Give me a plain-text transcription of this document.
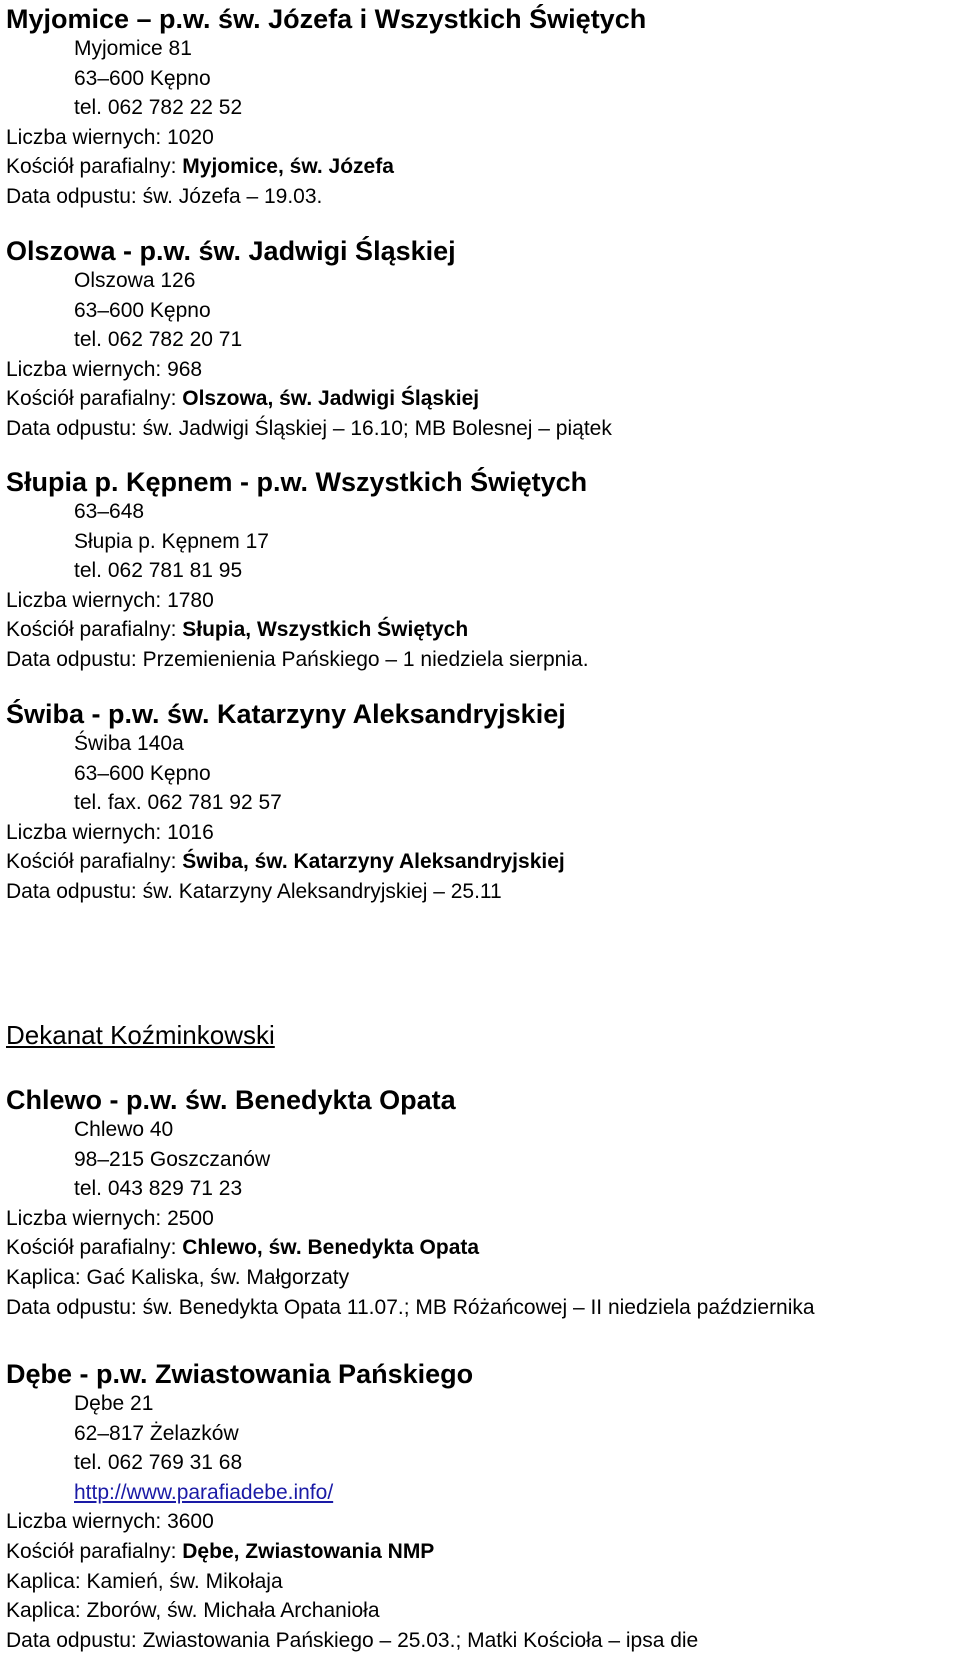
Myjomice – p.w. św. Józefa i Wszystkich Świętych
Myjomice 81
63–600 Kępno
tel. 062 782 22 52
Liczba wiernych: 1020
Kościół parafialny: Myjomice, św. Józefa
Data odpustu: św. Józefa – 19.03.
Olszowa - p.w. św. Jadwigi Śląskiej
Olszowa 126
63–600 Kępno
tel. 062 782 20 71
Liczba wiernych: 968
Kościół parafialny: Olszowa, św. Jadwigi Śląskiej
Data odpustu: św. Jadwigi Śląskiej – 16.10; MB Bolesnej – piątek
Słupia p. Kępnem - p.w. Wszystkich Świętych
63–648
Słupia p. Kępnem 17
tel. 062 781 81 95
Liczba wiernych: 1780
Kościół parafialny: Słupia, Wszystkich Świętych
Data odpustu: Przemienienia Pańskiego – 1 niedziela sierpnia.
Świba - p.w. św. Katarzyny Aleksandryjskiej
Świba 140a
63–600 Kępno
tel. fax. 062 781 92 57
Liczba wiernych: 1016
Kościół parafialny: Świba, św. Katarzyny Aleksandryjskiej
Data odpustu: św. Katarzyny Aleksandryjskiej – 25.11
Dekanat Koźminkowski
Chlewo - p.w. św. Benedykta Opata
Chlewo 40
98–215 Goszczanów
tel. 043 829 71 23
Liczba wiernych: 2500
Kościół parafialny: Chlewo, św. Benedykta Opata
Kaplica: Gać Kaliska, św. Małgorzaty
Data odpustu: św. Benedykta Opata 11.07.; MB Różańcowej – II niedziela października
Dębe - p.w. Zwiastowania Pańskiego
Dębe 21
62–817 Żelazków
tel. 062 769 31 68
http://www.parafiadebe.info/
Liczba wiernych: 3600
Kościół parafialny: Dębe, Zwiastowania NMP
Kaplica: Kamień, św. Mikołaja
Kaplica: Zborów, św. Michała Archanioła
Data odpustu: Zwiastowania Pańskiego – 25.03.; Matki Kościoła – ipsa die
